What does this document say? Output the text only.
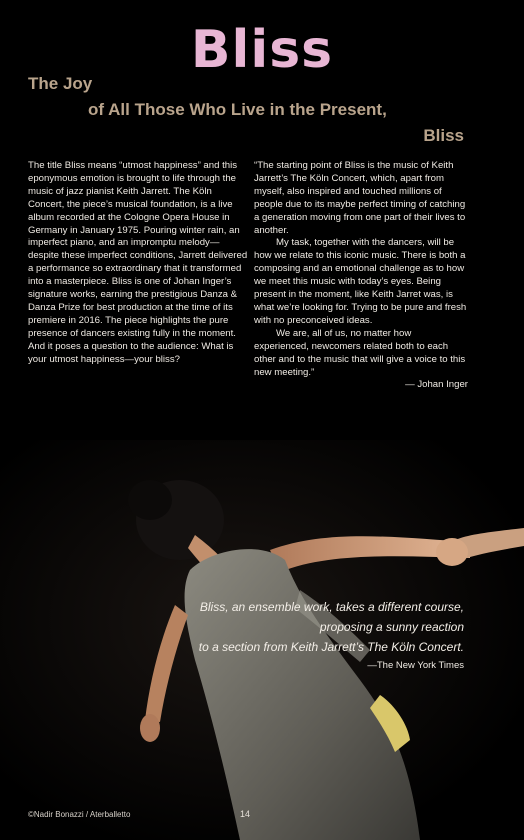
Bliss
The Joy
of All Those Who Live in the Present,
Bliss

The title Bliss means “utmost happiness” and this eponymous emotion is brought to life through the music of jazz pianist Keith Jarrett. The Köln Concert, the piece’s musical foundation, is a live album recorded at the Cologne Opera House in Germany in January 1975. Pouring winter rain, an imperfect piano, and an impromptu melody—despite these imperfect conditions, Jarrett delivered a performance so extraordinary that it transformed into a masterpiece. Bliss is one of Johan Inger’s signature works, earning the prestigious Danza & Danza Prize for best production at the time of its premiere in 2016. The piece highlights the pure presence of dancers existing fully in the moment. And it poses a question to the audience: What is your utmost happiness—your bliss?

“The starting point of Bliss is the music of Keith Jarrett’s The Köln Concert, which, apart from myself, also inspired and touched millions of people due to its maybe perfect timing of catching a generation moving from one part of their lives to another.

My task, together with the dancers, will be how we relate to this iconic music. There is both a composing and an emotional challenge as to how we meet this music with today’s eyes. Being present in the moment, like Keith Jarret was, is what we’re looking for. Trying to be pure and fresh with no preconceived ideas.

We are, all of us, no matter how experienced, newcomers related both to each other and to the music that will give a voice to this new meeting.”

— Johan Inger

Bliss, an ensemble work, takes a different course,
proposing a sunny reaction
to a section from Keith Jarrett’s The Köln Concert.
—The New York Times
©Nadir Bonazzi / Aterballetto	14
